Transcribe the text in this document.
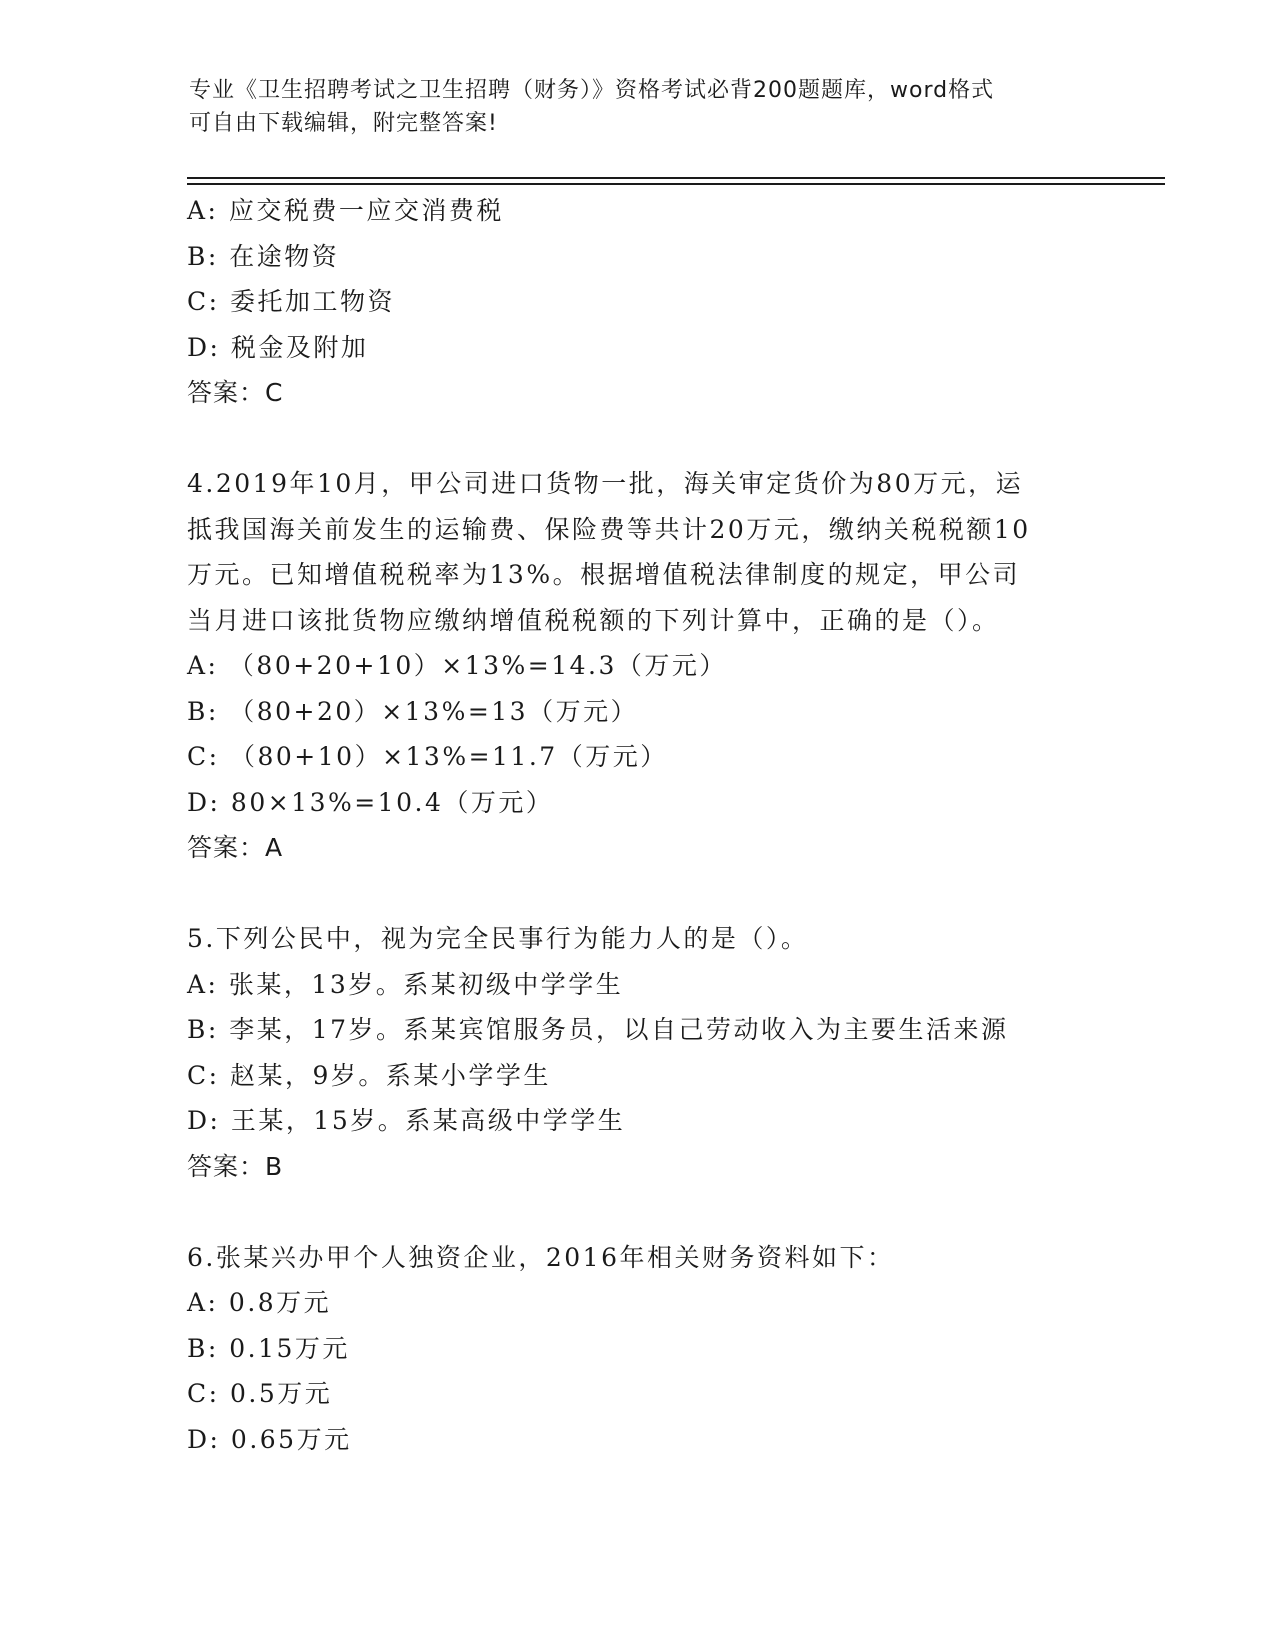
专业《卫生招聘考试之卫生招聘（财务）》资格考试必背200题题库，word格式
可自由下载编辑，附完整答案!
A: 应交税费一应交消费税
B: 在途物资
C: 委托加工物资
D: 税金及附加
答案：C
4.2019年10月，甲公司进口货物一批，海关审定货价为80万元，运
抵我国海关前发生的运输费、保险费等共计20万元，缴纳关税税额10
万元。已知增值税税率为13%。根据增值税法律制度的规定，甲公司
当月进口该批货物应缴纳增值税税额的下列计算中，正确的是（）。
A: （80+20+10）×13%=14.3（万元）
B: （80+20）×13%=13（万元）
C: （80+10）×13%=11.7（万元）
D: 80×13%=10.4（万元）
答案：A
5.下列公民中，视为完全民事行为能力人的是（）。
A: 张某，13岁。系某初级中学学生
B: 李某，17岁。系某宾馆服务员，以自己劳动收入为主要生活来源
C: 赵某，9岁。系某小学学生
D: 王某，15岁。系某高级中学学生
答案：B
6.张某兴办甲个人独资企业，2016年相关财务资料如下：
A: 0.8万元
B: 0.15万元
C: 0.5万元
D: 0.65万元
